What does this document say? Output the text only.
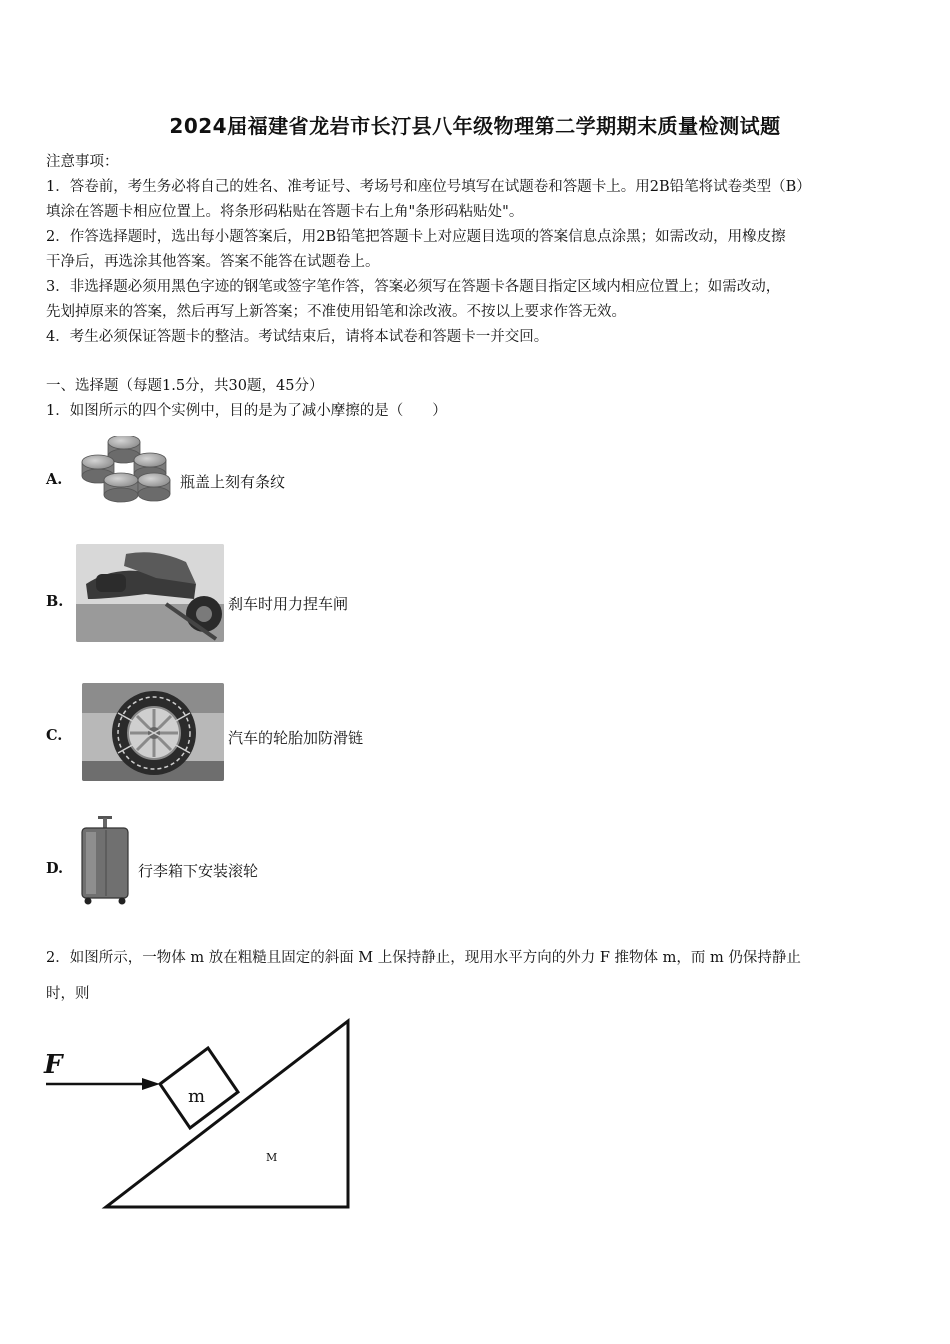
2024届福建省龙岩市长汀县八年级物理第二学期期末质量检测试题
注意事项：
1．答卷前，考生务必将自己的姓名、准考证号、考场号和座位号填写在试题卷和答题卡上。用2B铅笔将试卷类型（B）
填涂在答题卡相应位置上。将条形码粘贴在答题卡右上角"条形码粘贴处"。
2．作答选择题时，选出每小题答案后，用2B铅笔把答题卡上对应题目选项的答案信息点涂黑；如需改动，用橡皮擦
干净后，再选涂其他答案。答案不能答在试题卷上。
3．非选择题必须用黑色字迹的钢笔或签字笔作答，答案必须写在答题卡各题目指定区域内相应位置上；如需改动，
先划掉原来的答案，然后再写上新答案；不准使用铅笔和涂改液。不按以上要求作答无效。
4．考生必须保证答题卡的整洁。考试结束后，请将本试卷和答题卡一并交回。
一、选择题（每题1.5分，共30题，45分）
1．如图所示的四个实例中，目的是为了减小摩擦的是（　　）
A.	瓶盖上刻有条纹
B.	刹车时用力捏车闸
C.	汽车的轮胎加防滑链
D.	行李箱下安装滚轮
2．如图所示，一物体 m 放在粗糙且固定的斜面 M 上保持静止，现用水平方向的外力 F 推物体 m，而 m 仍保持静止
时，则
F
m
M
